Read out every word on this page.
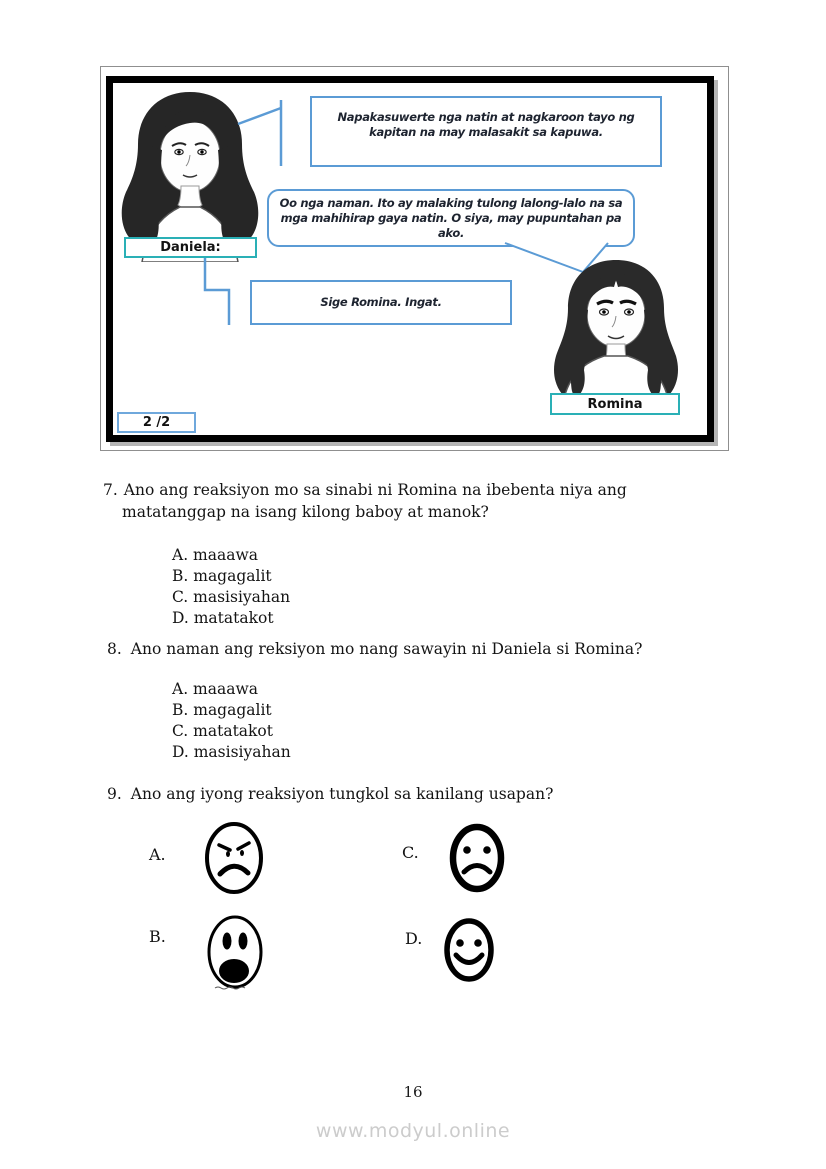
Napakasuwerte nga natin at nagkaroon tayo ng kapitan na may malasakit sa kapuwa.
Oo nga naman. Ito ay malaking tulong lalong-lalo na sa mga mahihirap gaya natin. O siya, may pupuntahan pa ako.
Daniela:
Sige Romina. Ingat.
Romina
2 /2

7. Ano ang reaksiyon mo sa sinabi ni Romina na ibebenta niya ang matatanggap na isang kilong baboy at manok?

A. maaawa
B. magagalit
C. masisiyahan
D. matatakot

8. Ano naman ang reksiyon mo nang sawayin ni Daniela si Romina?

A. maaawa
B. magagalit
C. matatakot
D. masisiyahan

9. Ano ang iyong reaksiyon tungkol sa kanilang usapan?

A.	C.
B.	D.
16
www.modyul.online
